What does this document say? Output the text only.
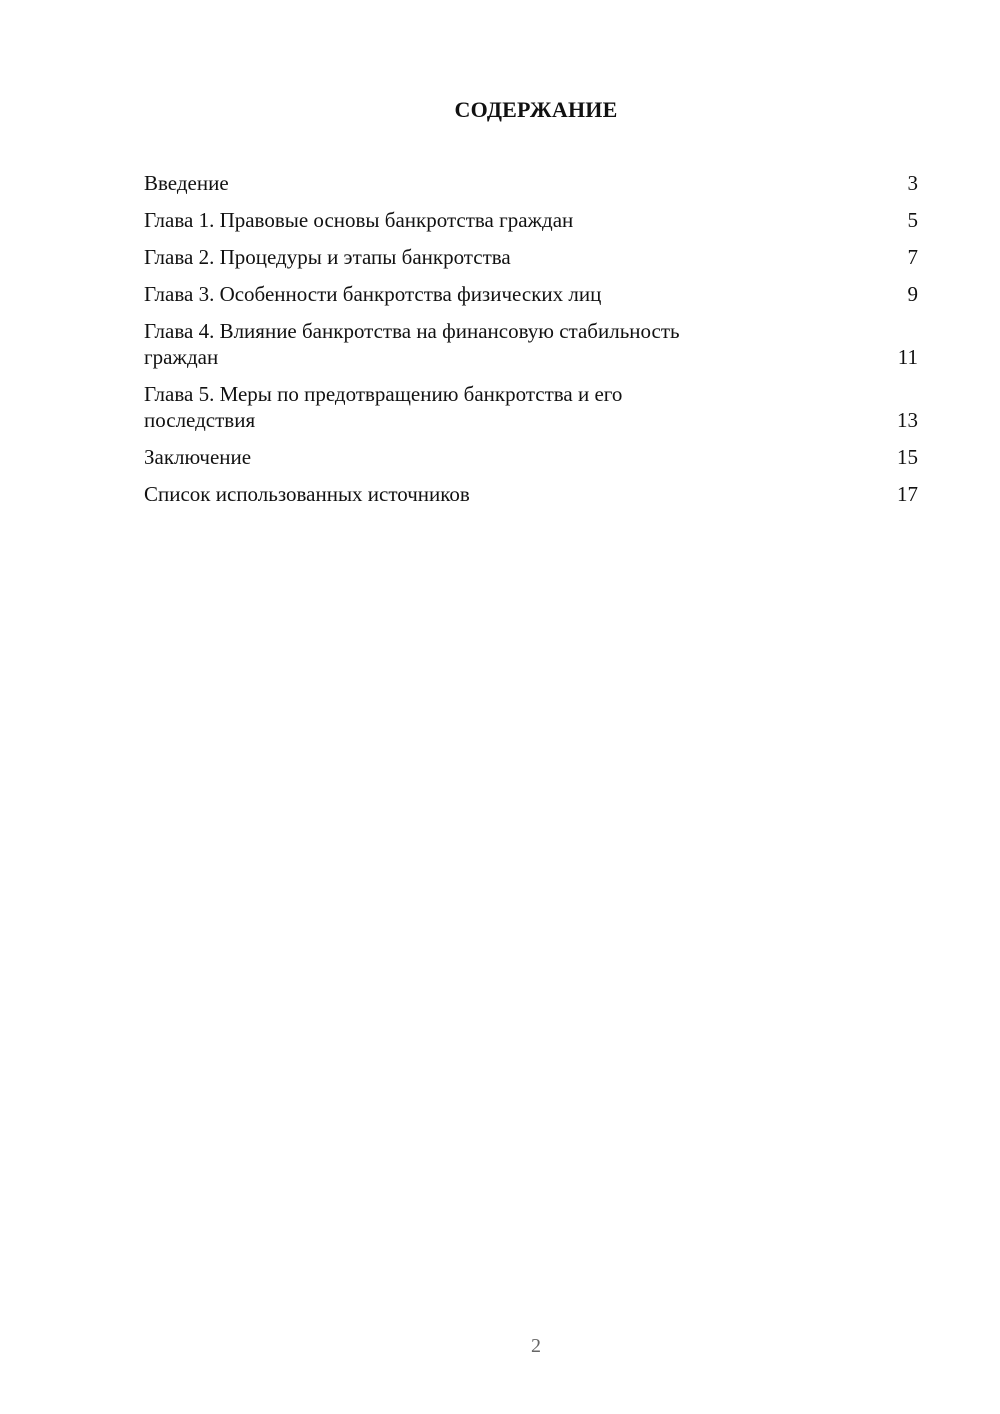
СОДЕРЖАНИЕ
Введение	3
Глава 1. Правовые основы банкротства граждан	5
Глава 2. Процедуры и этапы банкротства	7
Глава 3. Особенности банкротства физических лиц	9
Глава 4. Влияние банкротства на финансовую стабильность
граждан	11
Глава 5. Меры по предотвращению банкротства и его
последствия	13
Заключение	15
Список использованных источников	17
2
